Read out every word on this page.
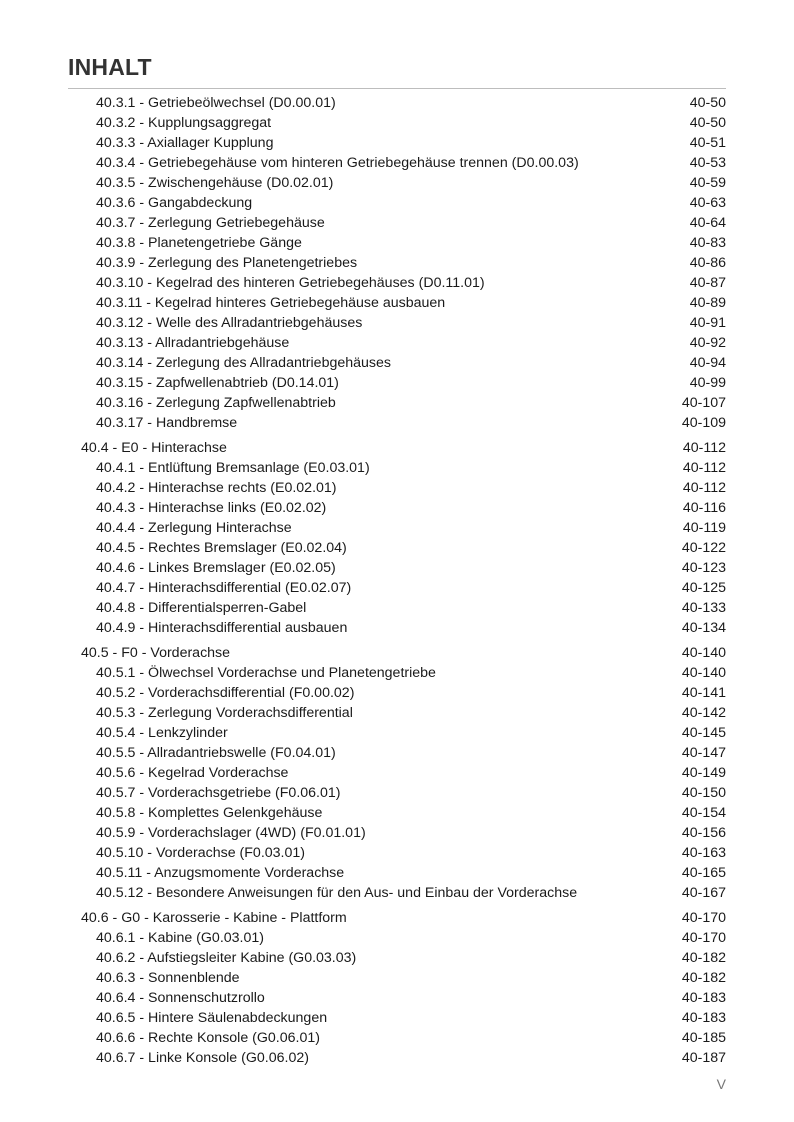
INHALT
40.3.1 - Getriebeölwechsel (D0.00.01)	40-50
40.3.2 - Kupplungsaggregat	40-50
40.3.3 - Axiallager Kupplung	40-51
40.3.4 - Getriebegehäuse vom hinteren Getriebegehäuse trennen (D0.00.03)	40-53
40.3.5 - Zwischengehäuse (D0.02.01)	40-59
40.3.6 - Gangabdeckung	40-63
40.3.7 - Zerlegung Getriebegehäuse	40-64
40.3.8 - Planetengetriebe Gänge	40-83
40.3.9 - Zerlegung des Planetengetriebes	40-86
40.3.10 - Kegelrad des hinteren Getriebegehäuses (D0.11.01)	40-87
40.3.11 - Kegelrad hinteres Getriebegehäuse ausbauen	40-89
40.3.12 - Welle des Allradantriebgehäuses	40-91
40.3.13 - Allradantriebgehäuse	40-92
40.3.14 - Zerlegung des Allradantriebgehäuses	40-94
40.3.15 - Zapfwellenabtrieb (D0.14.01)	40-99
40.3.16 - Zerlegung Zapfwellenabtrieb	40-107
40.3.17 - Handbremse	40-109
40.4 - E0 - Hinterachse	40-112
40.4.1 - Entlüftung Bremsanlage (E0.03.01)	40-112
40.4.2 - Hinterachse rechts (E0.02.01)	40-112
40.4.3 - Hinterachse links (E0.02.02)	40-116
40.4.4 - Zerlegung Hinterachse	40-119
40.4.5 - Rechtes Bremslager (E0.02.04)	40-122
40.4.6 - Linkes Bremslager (E0.02.05)	40-123
40.4.7 - Hinterachsdifferential (E0.02.07)	40-125
40.4.8 - Differentialsperren-Gabel	40-133
40.4.9 - Hinterachsdifferential ausbauen	40-134
40.5 - F0 - Vorderachse	40-140
40.5.1 - Ölwechsel Vorderachse und Planetengetriebe	40-140
40.5.2 - Vorderachsdifferential (F0.00.02)	40-141
40.5.3 - Zerlegung Vorderachsdifferential	40-142
40.5.4 - Lenkzylinder	40-145
40.5.5 - Allradantriebswelle (F0.04.01)	40-147
40.5.6 - Kegelrad Vorderachse	40-149
40.5.7 - Vorderachsgetriebe (F0.06.01)	40-150
40.5.8 - Komplettes Gelenkgehäuse	40-154
40.5.9 - Vorderachslager (4WD) (F0.01.01)	40-156
40.5.10 - Vorderachse (F0.03.01)	40-163
40.5.11 - Anzugsmomente Vorderachse	40-165
40.5.12 - Besondere Anweisungen für den Aus- und Einbau der Vorderachse	40-167
40.6 - G0 - Karosserie - Kabine - Plattform	40-170
40.6.1 - Kabine (G0.03.01)	40-170
40.6.2 - Aufstiegsleiter Kabine (G0.03.03)	40-182
40.6.3 - Sonnenblende	40-182
40.6.4 - Sonnenschutzrollo	40-183
40.6.5 - Hintere Säulenabdeckungen	40-183
40.6.6 - Rechte Konsole (G0.06.01)	40-185
40.6.7 - Linke Konsole (G0.06.02)	40-187
V
